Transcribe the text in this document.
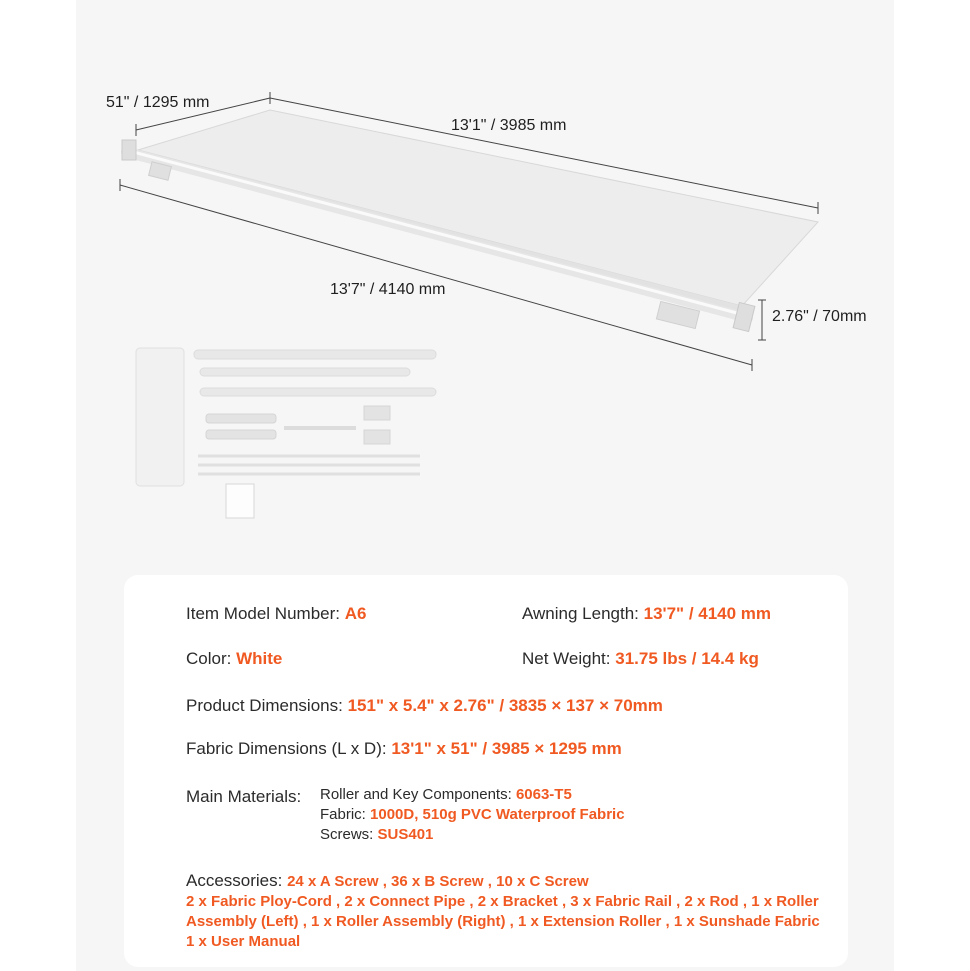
51" / 1295 mm
13'1" / 3985 mm
13'7" / 4140 mm
2.76" / 70mm
Item Model Number: A6	Awning Length: 13'7" / 4140 mm
Color: White	Net Weight: 31.75 lbs / 14.4 kg
Product Dimensions: 151" x 5.4" x 2.76" / 3835 × 137 × 70mm
Fabric Dimensions (L x D): 13'1" x 51" / 3985 × 1295 mm
Main Materials: Roller and Key Components: 6063-T5
Fabric: 1000D, 510g PVC Waterproof Fabric
Screws: SUS401
Accessories: 24 x A Screw , 36 x B Screw , 10 x C Screw
2 x Fabric Ploy-Cord , 2 x Connect Pipe , 2 x Bracket , 3 x Fabric Rail , 2 x Rod , 1 x Roller
Assembly (Left) , 1 x Roller Assembly (Right) , 1 x Extension Roller , 1 x Sunshade Fabric
1 x User Manual
